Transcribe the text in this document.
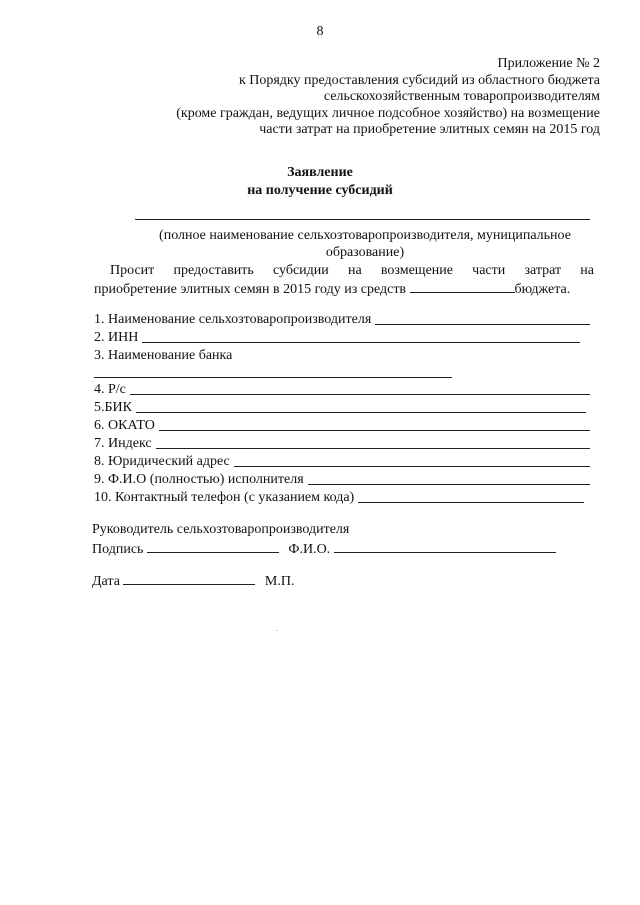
8
Приложение № 2
к Порядку предоставления субсидий из областного бюджета
сельскохозяйственным товаропроизводителям
(кроме граждан, ведущих личное подсобное хозяйство) на возмещение
части затрат на приобретение элитных семян на 2015 год
Заявление
на получение субсидий
(полное наименование сельхозтоваропроизводителя, муниципальное образование)
Просит предоставить субсидии на возмещение части затрат на
приобретение элитных семян в 2015 году из средств	бюджета.
1. Наименование сельхозтоваропроизводителя
2. ИНН
3. Наименование банка
4. Р/с
5.БИК
6. ОКАТО
7. Индекс
8. Юридический адрес
9. Ф.И.О (полностью) исполнителя
10. Контактный телефон (с указанием кода)
Руководитель сельхозтоваропроизводителя
Подпись	Ф.И.О.
Дата	М.П.
